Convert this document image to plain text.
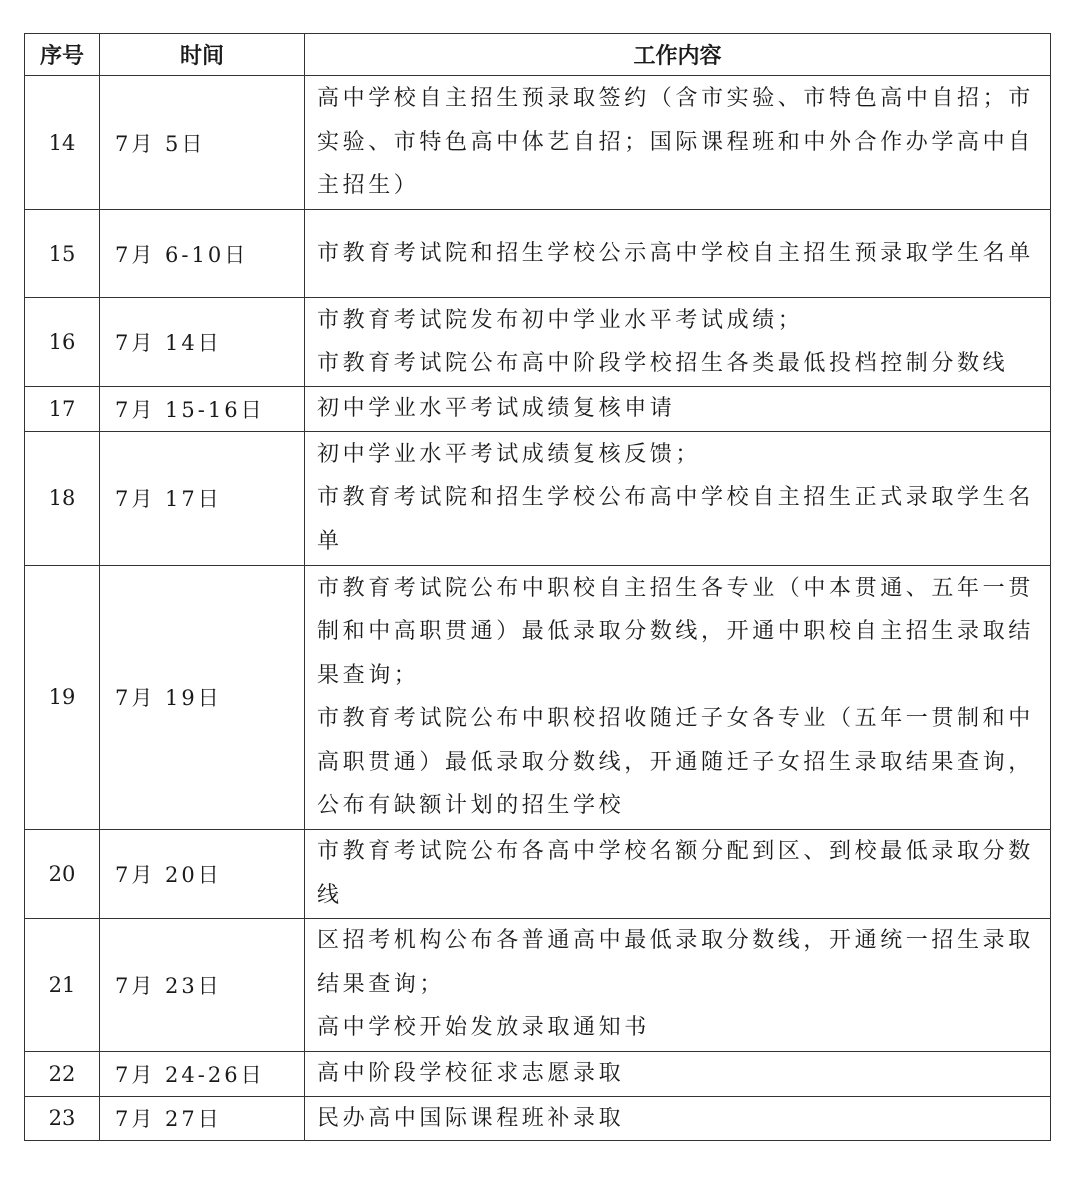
序号	时间	工作内容
14	7月 5日	高中学校自主招生预录取签约（含市实验、市特色高中自招；市实验、市特色高中体艺自招；国际课程班和中外合作办学高中自主招生）

15	7月 6-10日	市教育考试院和招生学校公示高中学校自主招生预录取学生名单

16	7月 14日	市教育考试院发布初中学业水平考试成绩；
市教育考试院公布高中阶段学校招生各类最低投档控制分数线

17	7月 15-16日	初中学业水平考试成绩复核申请

18	7月 17日	初中学业水平考试成绩复核反馈；
市教育考试院和招生学校公布高中学校自主招生正式录取学生名单

19	7月 19日	市教育考试院公布中职校自主招生各专业（中本贯通、五年一贯制和中高职贯通）最低录取分数线，开通中职校自主招生录取结果查询；
市教育考试院公布中职校招收随迁子女各专业（五年一贯制和中高职贯通）最低录取分数线，开通随迁子女招生录取结果查询，公布有缺额计划的招生学校

20	7月 20日	市教育考试院公布各高中学校名额分配到区、到校最低录取分数线

21	7月 23日	区招考机构公布各普通高中最低录取分数线，开通统一招生录取结果查询；
高中学校开始发放录取通知书

22	7月 24-26日	高中阶段学校征求志愿录取

23	7月 27日	民办高中国际课程班补录取
